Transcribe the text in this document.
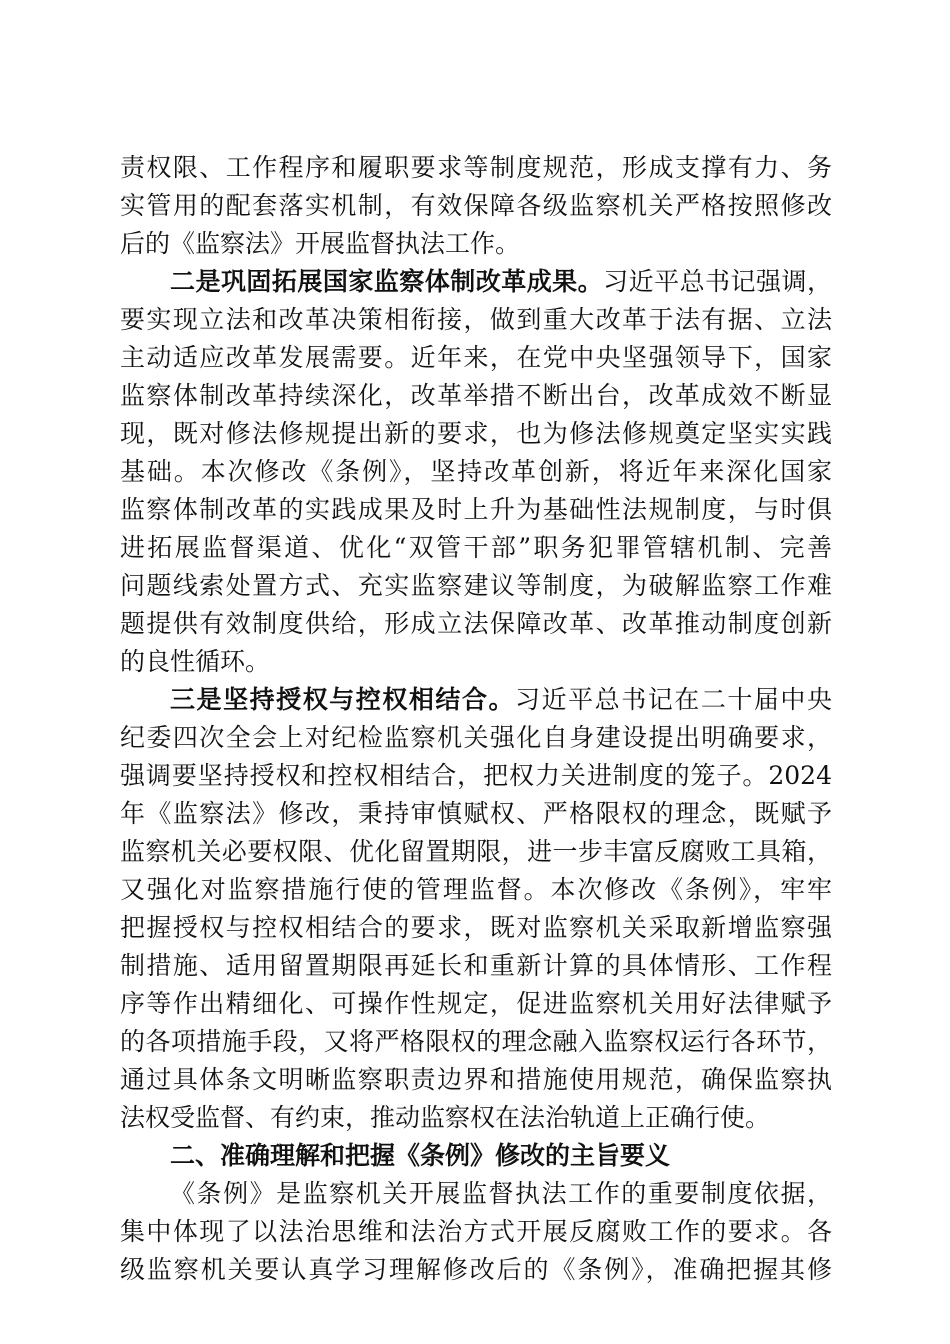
责权限、工作程序和履职要求等制度规范，形成支撑有力、务
实管用的配套落实机制，有效保障各级监察机关严格按照修改
后的《监察法》开展监督执法工作。
二是巩固拓展国家监察体制改革成果。习近平总书记强调，
要实现立法和改革决策相衔接，做到重大改革于法有据、立法
主动适应改革发展需要。近年来，在党中央坚强领导下，国家
监察体制改革持续深化，改革举措不断出台，改革成效不断显
现，既对修法修规提出新的要求，也为修法修规奠定坚实实践
基础。本次修改《条例》，坚持改革创新，将近年来深化国家
监察体制改革的实践成果及时上升为基础性法规制度，与时俱
进拓展监督渠道、优化“双管干部”职务犯罪管辖机制、完善
问题线索处置方式、充实监察建议等制度，为破解监察工作难
题提供有效制度供给，形成立法保障改革、改革推动制度创新
的良性循环。
三是坚持授权与控权相结合。习近平总书记在二十届中央
纪委四次全会上对纪检监察机关强化自身建设提出明确要求，
强调要坚持授权和控权相结合，把权力关进制度的笼子。2024
年《监察法》修改，秉持审慎赋权、严格限权的理念，既赋予
监察机关必要权限、优化留置期限，进一步丰富反腐败工具箱，
又强化对监察措施行使的管理监督。本次修改《条例》，牢牢
把握授权与控权相结合的要求，既对监察机关采取新增监察强
制措施、适用留置期限再延长和重新计算的具体情形、工作程
序等作出精细化、可操作性规定，促进监察机关用好法律赋予
的各项措施手段，又将严格限权的理念融入监察权运行各环节，
通过具体条文明晰监察职责边界和措施使用规范，确保监察执
法权受监督、有约束，推动监察权在法治轨道上正确行使。
二、准确理解和把握《条例》修改的主旨要义
《条例》是监察机关开展监督执法工作的重要制度依据，
集中体现了以法治思维和法治方式开展反腐败工作的要求。各
级监察机关要认真学习理解修改后的《条例》，准确把握其修
